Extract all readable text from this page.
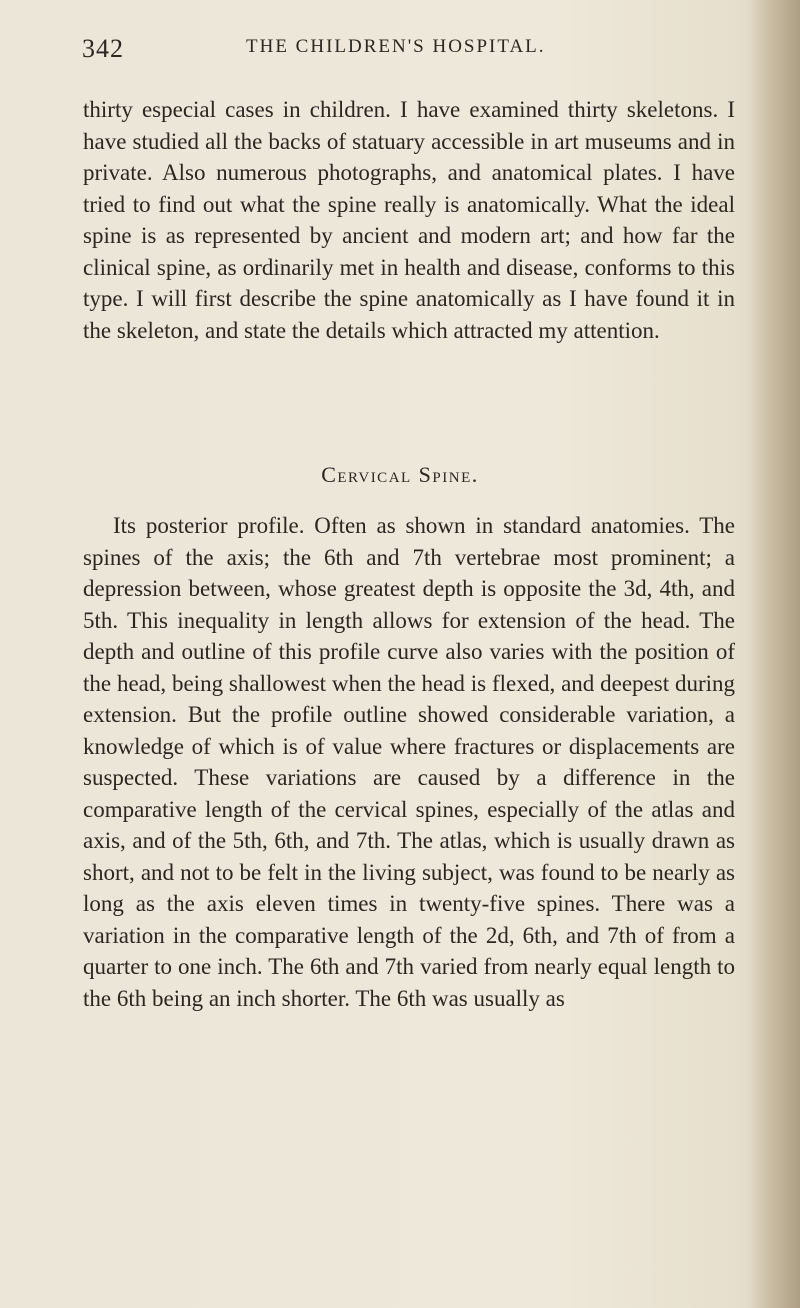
342	THE CHILDREN'S HOSPITAL.

thirty especial cases in children. I have examined thirty skeletons. I have studied all the backs of statuary accessible in art museums and in private. Also numerous photographs, and anatomical plates. I have tried to find out what the spine really is anatomically. What the ideal spine is as represented by ancient and modern art; and how far the clinical spine, as ordinarily met in health and disease, conforms to this type. I will first describe the spine anatomically as I have found it in the skeleton, and state the details which attracted my attention.

Cervical Spine.

Its posterior profile. Often as shown in standard anatomies. The spines of the axis; the 6th and 7th vertebrae most prominent; a depression between, whose greatest depth is opposite the 3d, 4th, and 5th. This inequality in length allows for extension of the head. The depth and outline of this profile curve also varies with the position of the head, being shallowest when the head is flexed, and deepest during extension. But the profile outline showed considerable variation, a knowledge of which is of value where fractures or displacements are suspected. These variations are caused by a difference in the comparative length of the cervical spines, especially of the atlas and axis, and of the 5th, 6th, and 7th. The atlas, which is usually drawn as short, and not to be felt in the living subject, was found to be nearly as long as the axis eleven times in twenty-five spines. There was a variation in the comparative length of the 2d, 6th, and 7th of from a quarter to one inch. The 6th and 7th varied from nearly equal length to the 6th being an inch shorter. The 6th was usually as
